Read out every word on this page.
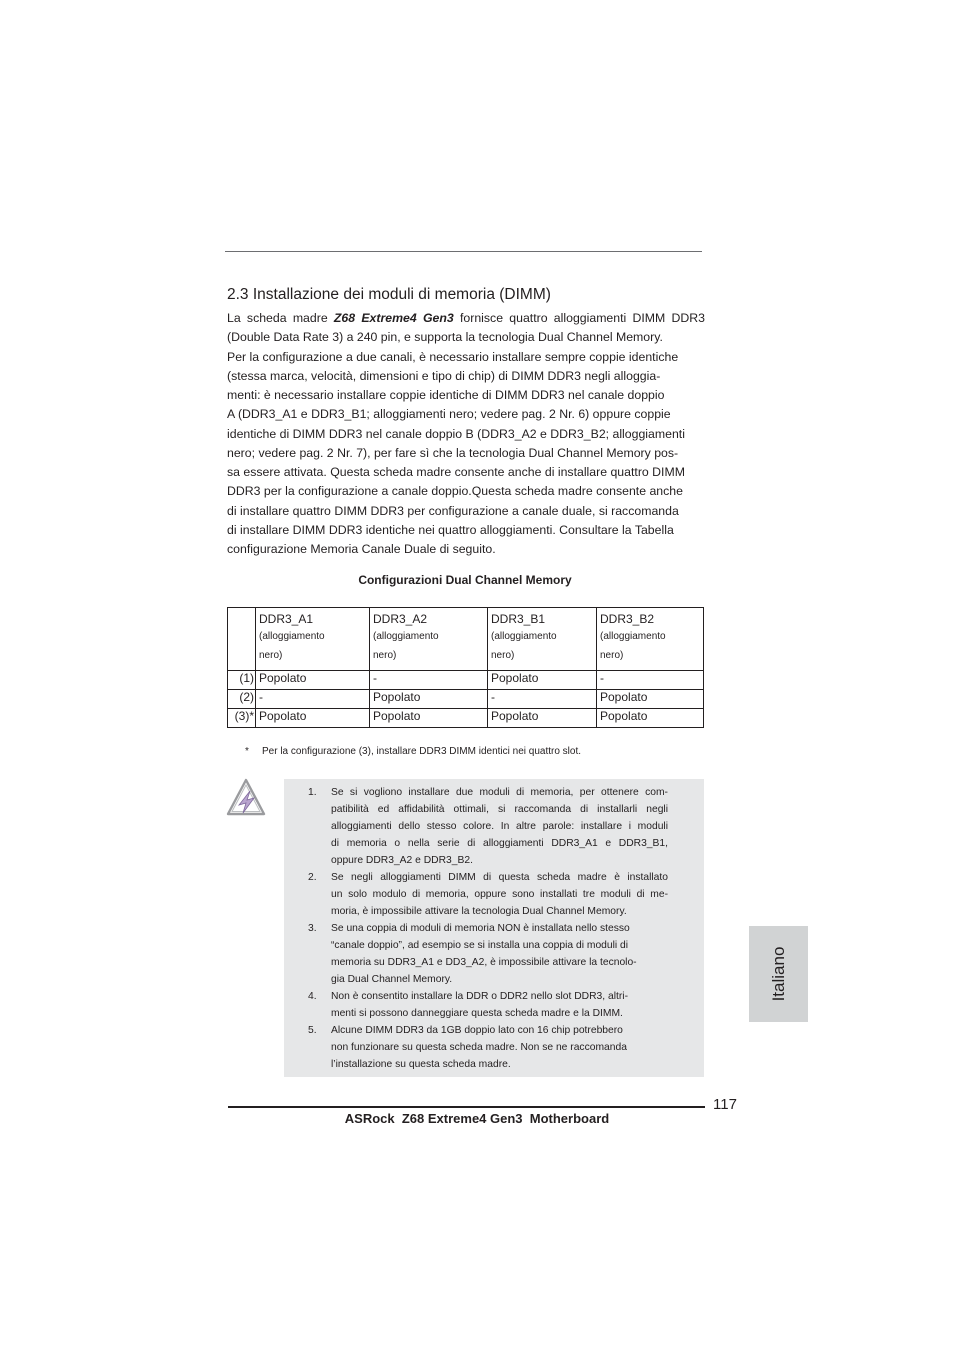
2.3 Installazione dei moduli di memoria (DIMM)
La scheda madre Z68 Extreme4 Gen3 fornisce quattro alloggiamenti DIMM DDR3
(Double Data Rate 3) a 240 pin, e supporta la tecnologia Dual Channel Memory.
Per la configurazione a due canali, è necessario installare sempre coppie identiche
(stessa marca, velocità, dimensioni e tipo di chip) di DIMM DDR3 negli alloggia-
menti: è necessario installare coppie identiche di DIMM DDR3 nel canale doppio
A (DDR3_A1 e DDR3_B1; alloggiamenti nero; vedere pag. 2 Nr. 6) oppure coppie
identiche di DIMM DDR3 nel canale doppio B (DDR3_A2 e DDR3_B2; alloggiamenti
nero; vedere pag. 2 Nr. 7), per fare sì che la tecnologia Dual Channel Memory pos-
sa essere attivata. Questa scheda madre consente anche di installare quattro DIMM
DDR3 per la configurazione a canale doppio.Questa scheda madre consente anche
di installare quattro DIMM DDR3 per configurazione a canale duale, si raccomanda
di installare DIMM DDR3 identiche nei quattro alloggiamenti. Consultare la Tabella
configurazione Memoria Canale Duale di seguito.
Configurazioni Dual Channel Memory

	DDR3_A1
(alloggiamento
nero)	DDR3_A2
(alloggiamento
nero)	DDR3_B1
(alloggiamento
nero)	DDR3_B2
(alloggiamento
nero)

(1)	Popolato	-	Popolato	-
(2)	-	Popolato	-	Popolato
(3)*	Popolato	Popolato	Popolato	Popolato
* Per la configurazione (3), installare DDR3 DIMM identici nei quattro slot.
1. Se si vogliono installare due moduli di memoria, per ottenere com-
patibilità ed affidabilità ottimali, si raccomanda di installarli negli
alloggiamenti dello stesso colore. In altre parole: installare i moduli
di memoria o nella serie di alloggiamenti DDR3_A1 e DDR3_B1,
oppure DDR3_A2 e DDR3_B2.
2. Se negli alloggiamenti DIMM di questa scheda madre è installato
un solo modulo di memoria, oppure sono installati tre moduli di me-
moria, è impossibile attivare la tecnologia Dual Channel Memory.
3. Se una coppia di moduli di memoria NON è installata nello stesso
“canale doppio”, ad esempio se si installa una coppia di moduli di
memoria su DDR3_A1 e DD3_A2, è impossibile attivare la tecnolo-
gia Dual Channel Memory.
4. Non è consentito installare la DDR o DDR2 nello slot DDR3, altri-
menti si possono danneggiare questa scheda madre e la DIMM.
5. Alcune DIMM DDR3 da 1GB doppio lato con 16 chip potrebbero
non funzionare su questa scheda madre. Non se ne raccomanda
l’installazione su questa scheda madre.
Italiano
117
ASRock  Z68 Extreme4 Gen3  Motherboard
